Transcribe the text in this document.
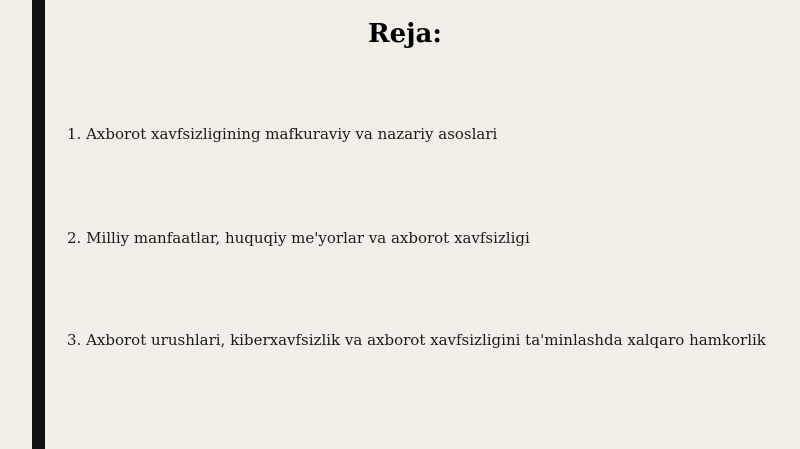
Reja:
1. Axborot xavfsizligining mafkuraviy va nazariy asoslari
2. Milliy manfaatlar, huquqiy me'yorlar va axborot xavfsizligi
3. Axborot urushlari, kiberxavfsizlik va axborot xavfsizligini ta'minlashda xalqaro hamkorlik
